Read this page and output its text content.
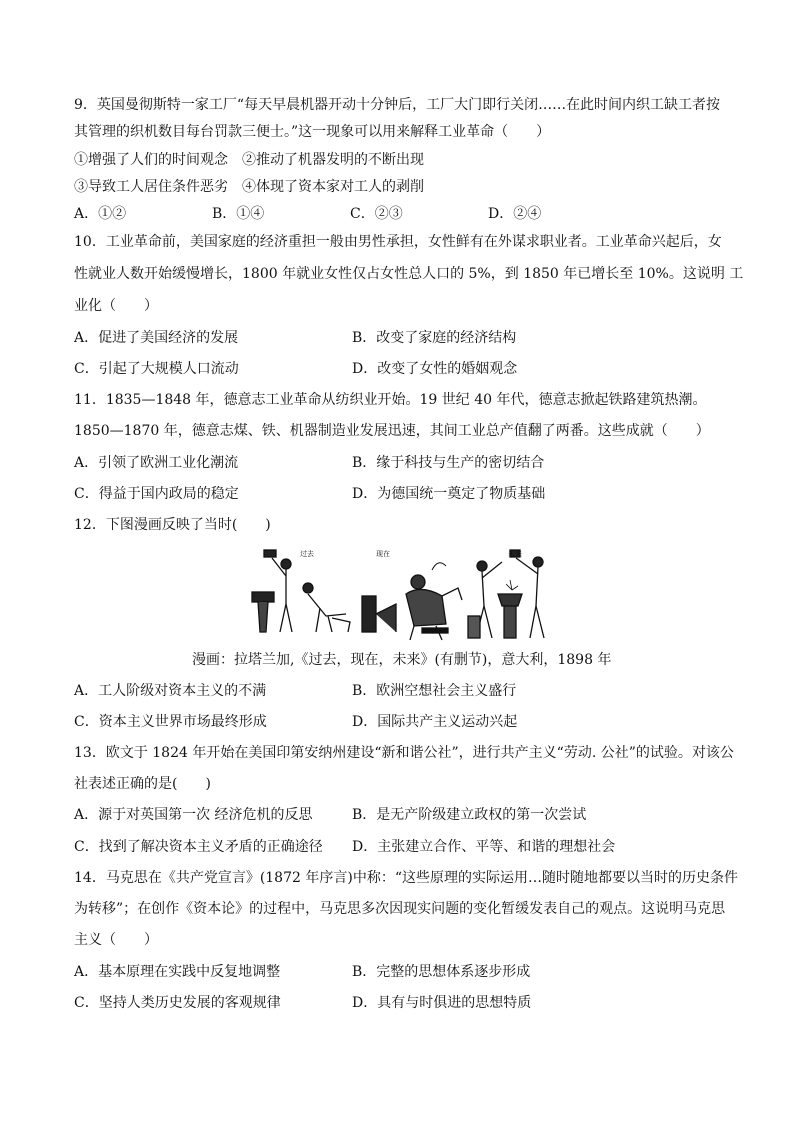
9．英国曼彻斯特一家工厂“每天早晨机器开动十分钟后，工厂大门即行关闭……在此时间内织工缺工者按
其管理的织机数目每台罚款三便士。”这一现象可以用来解释工业革命（　　）
①增强了人们的时间观念　②推动了机器发明的不断出现
③导致工人居住条件恶劣　④体现了资本家对工人的剥削
A．①②	B．①④	C．②③	D．②④
10．工业革命前，美国家庭的经济重担一般由男性承担，女性鲜有在外谋求职业者。工业革命兴起后，女
性就业人数开始缓慢增长，1800 年就业女性仅占女性总人口的 5%，到 1850 年已增长至 10%。这说明 工
业化（　　）
A．促进了美国经济的发展	B．改变了家庭的经济结构
C．引起了大规模人口流动	D．改变了女性的婚姻观念
11．1835—1848 年，德意志工业革命从纺织业开始。19 世纪 40 年代，德意志掀起铁路建筑热潮。
1850—1870 年，德意志煤、铁、机器制造业发展迅速，其间工业总产值翻了两番。这些成就（　　）
A．引领了欧洲工业化潮流	B．缘于科技与生产的密切结合
C．得益于国内政局的稳定	D．为德国统一奠定了物质基础
12．下图漫画反映了当时(　　)
过去	现在	未来
漫画：拉塔兰加,《过去，现在，未来》(有删节)，意大利，1898 年
A．工人阶级对资本主义的不满	B．欧洲空想社会主义盛行
C．资本主义世界市场最终形成	D．国际共产主义运动兴起
13．欧文于 1824 年开始在美国印第安纳州建设“新和谐公社”，进行共产主义“劳动. 公社”的试验。对该公
社表述正确的是(　　)
A．源于对英国第一次 经济危机的反思	B．是无产阶级建立政权的第一次尝试
C．找到了解决资本主义矛盾的正确途径 D．主张建立合作、平等、和谐的理想社会
14．马克思在《共产党宣言》(1872 年序言)中称：“这些原理的实际运用…随时随地都要以当时的历史条件
为转移”；在创作《资本论》的过程中，马克思多次因现实问题的变化暂缓发表自己的观点。这说明马克思
主义（　　）
A．基本原理在实践中反复地调整	B．完整的思想体系逐步形成
C．坚持人类历史发展的客观规律	D．具有与时俱进的思想特质
